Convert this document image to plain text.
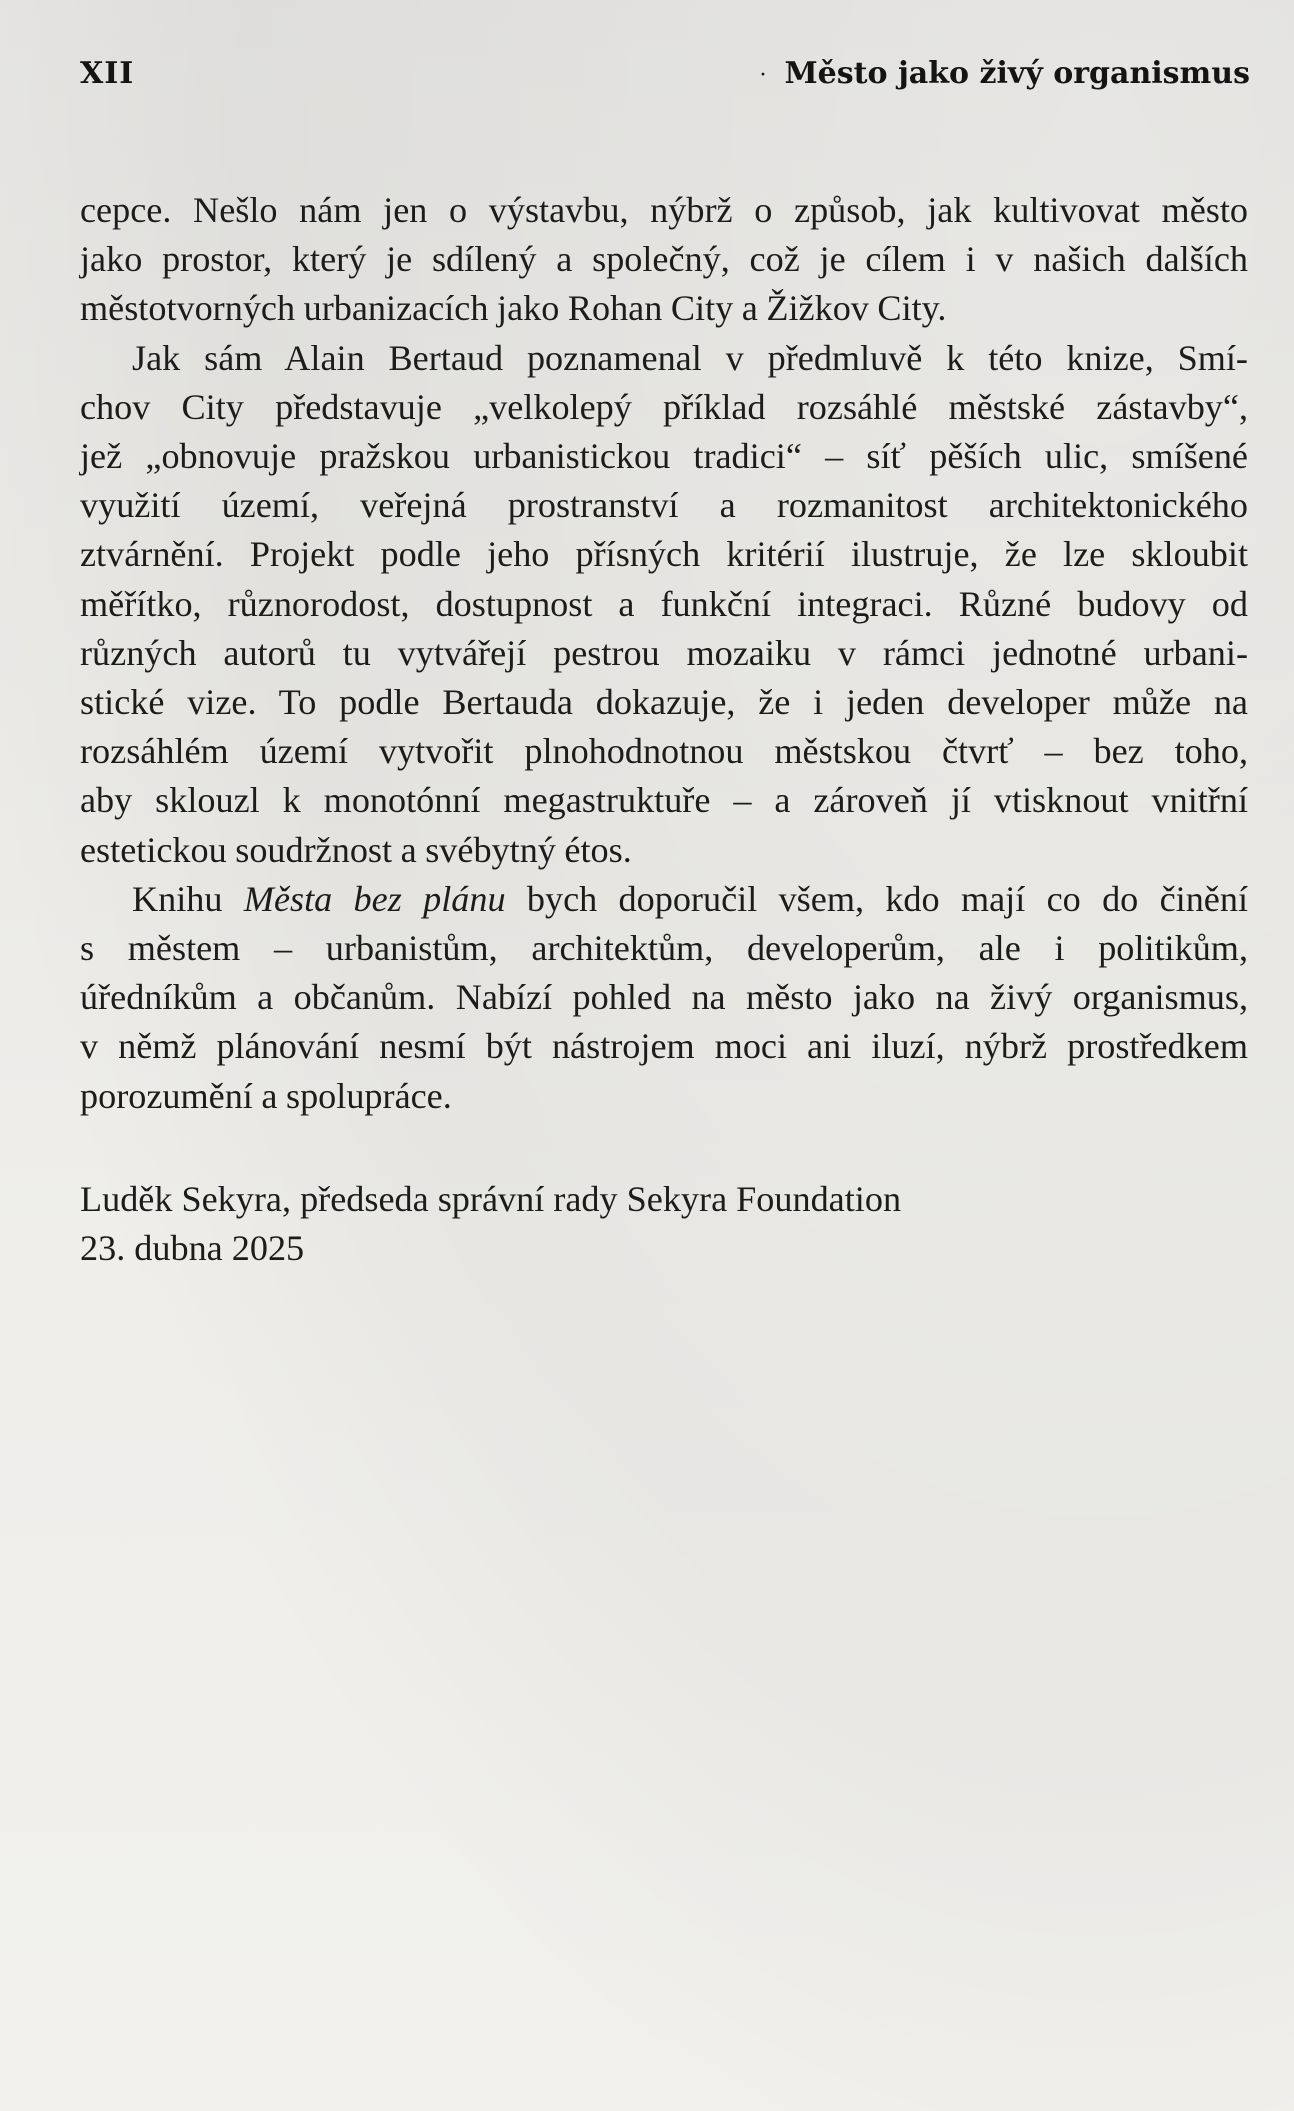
XII	· Město jako živý organismus
cepce. Nešlo nám jen o výstavbu, nýbrž o způsob, jak kultivovat město
jako prostor, který je sdílený a společný, což je cílem i v našich dalších
městotvorných urbanizacích jako Rohan City a Žižkov City.
Jak sám Alain Bertaud poznamenal v předmluvě k této knize, Smí-
chov City představuje „velkolepý příklad rozsáhlé městské zástavby“,
jež „obnovuje pražskou urbanistickou tradici“ – síť pěších ulic, smíšené
využití území, veřejná prostranství a rozmanitost architektonického
ztvárnění. Projekt podle jeho přísných kritérií ilustruje, že lze skloubit
měřítko, různorodost, dostupnost a funkční integraci. Různé budovy od
různých autorů tu vytvářejí pestrou mozaiku v rámci jednotné urbani-
stické vize. To podle Bertauda dokazuje, že i jeden developer může na
rozsáhlém území vytvořit plnohodnotnou městskou čtvrť – bez toho,
aby sklouzl k monotónní megastruktuře – a zároveň jí vtisknout vnitřní
estetickou soudržnost a svébytný étos.
Knihu Města bez plánu bych doporučil všem, kdo mají co do činění
s městem – urbanistům, architektům, developerům, ale i politikům,
úředníkům a občanům. Nabízí pohled na město jako na živý organismus,
v němž plánování nesmí být nástrojem moci ani iluzí, nýbrž prostředkem
porozumění a spolupráce.
Luděk Sekyra, předseda správní rady Sekyra Foundation
23. dubna 2025
